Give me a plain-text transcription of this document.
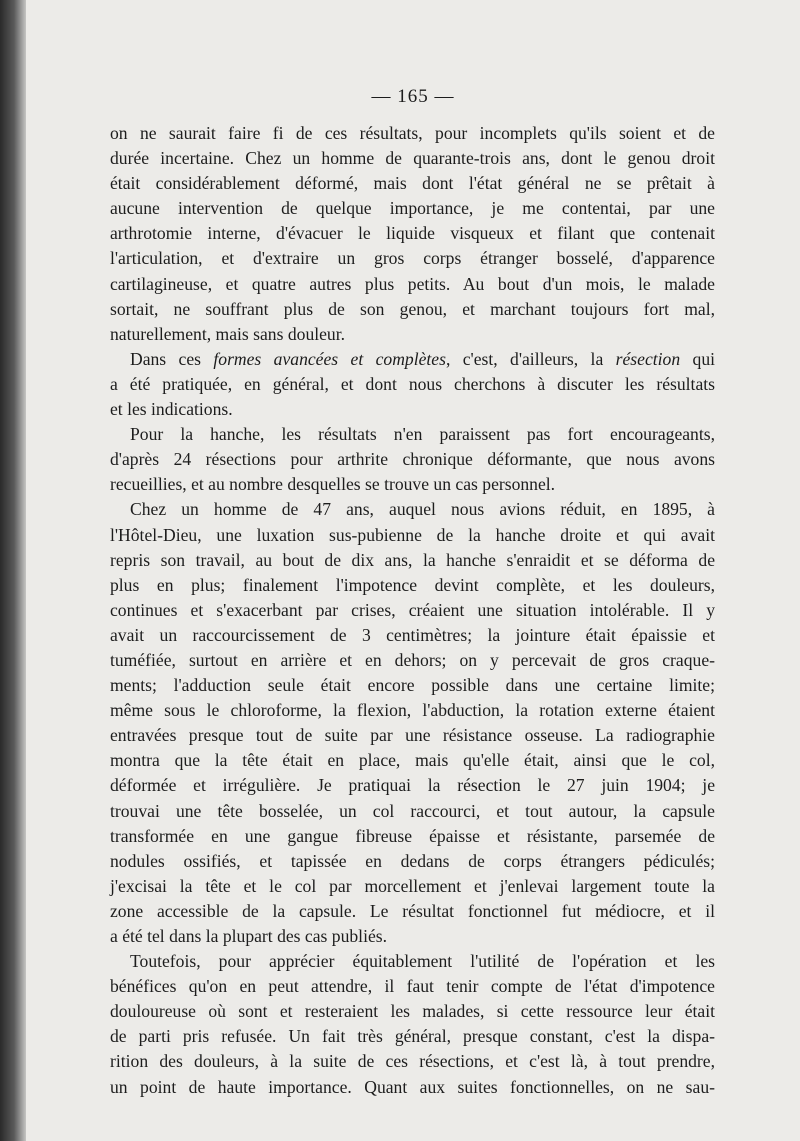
— 165 —
on ne saurait faire fi de ces résultats, pour incomplets qu'ils soient et de
durée incertaine. Chez un homme de quarante-trois ans, dont le genou droit
était considérablement déformé, mais dont l'état général ne se prêtait à
aucune intervention de quelque importance, je me contentai, par une
arthrotomie interne, d'évacuer le liquide visqueux et filant que contenait
l'articulation, et d'extraire un gros corps étranger bosselé, d'apparence
cartilagineuse, et quatre autres plus petits. Au bout d'un mois, le malade
sortait, ne souffrant plus de son genou, et marchant toujours fort mal,
naturellement, mais sans douleur.
Dans ces formes avancées et complètes, c'est, d'ailleurs, la résection qui
a été pratiquée, en général, et dont nous cherchons à discuter les résultats
et les indications.
Pour la hanche, les résultats n'en paraissent pas fort encourageants,
d'après 24 résections pour arthrite chronique déformante, que nous avons
recueillies, et au nombre desquelles se trouve un cas personnel.
Chez un homme de 47 ans, auquel nous avions réduit, en 1895, à
l'Hôtel-Dieu, une luxation sus-pubienne de la hanche droite et qui avait
repris son travail, au bout de dix ans, la hanche s'enraidit et se déforma de
plus en plus; finalement l'impotence devint complète, et les douleurs,
continues et s'exacerbant par crises, créaient une situation intolérable. Il y
avait un raccourcissement de 3 centimètres; la jointure était épaissie et
tuméfiée, surtout en arrière et en dehors; on y percevait de gros craque-
ments; l'adduction seule était encore possible dans une certaine limite;
même sous le chloroforme, la flexion, l'abduction, la rotation externe étaient
entravées presque tout de suite par une résistance osseuse. La radiographie
montra que la tête était en place, mais qu'elle était, ainsi que le col,
déformée et irrégulière. Je pratiquai la résection le 27 juin 1904; je
trouvai une tête bosselée, un col raccourci, et tout autour, la capsule
transformée en une gangue fibreuse épaisse et résistante, parsemée de
nodules ossifiés, et tapissée en dedans de corps étrangers pédiculés;
j'excisai la tête et le col par morcellement et j'enlevai largement toute la
zone accessible de la capsule. Le résultat fonctionnel fut médiocre, et il
a été tel dans la plupart des cas publiés.
Toutefois, pour apprécier équitablement l'utilité de l'opération et les
bénéfices qu'on en peut attendre, il faut tenir compte de l'état d'impotence
douloureuse où sont et resteraient les malades, si cette ressource leur était
de parti pris refusée. Un fait très général, presque constant, c'est la dispa-
rition des douleurs, à la suite de ces résections, et c'est là, à tout prendre,
un point de haute importance. Quant aux suites fonctionnelles, on ne sau-
